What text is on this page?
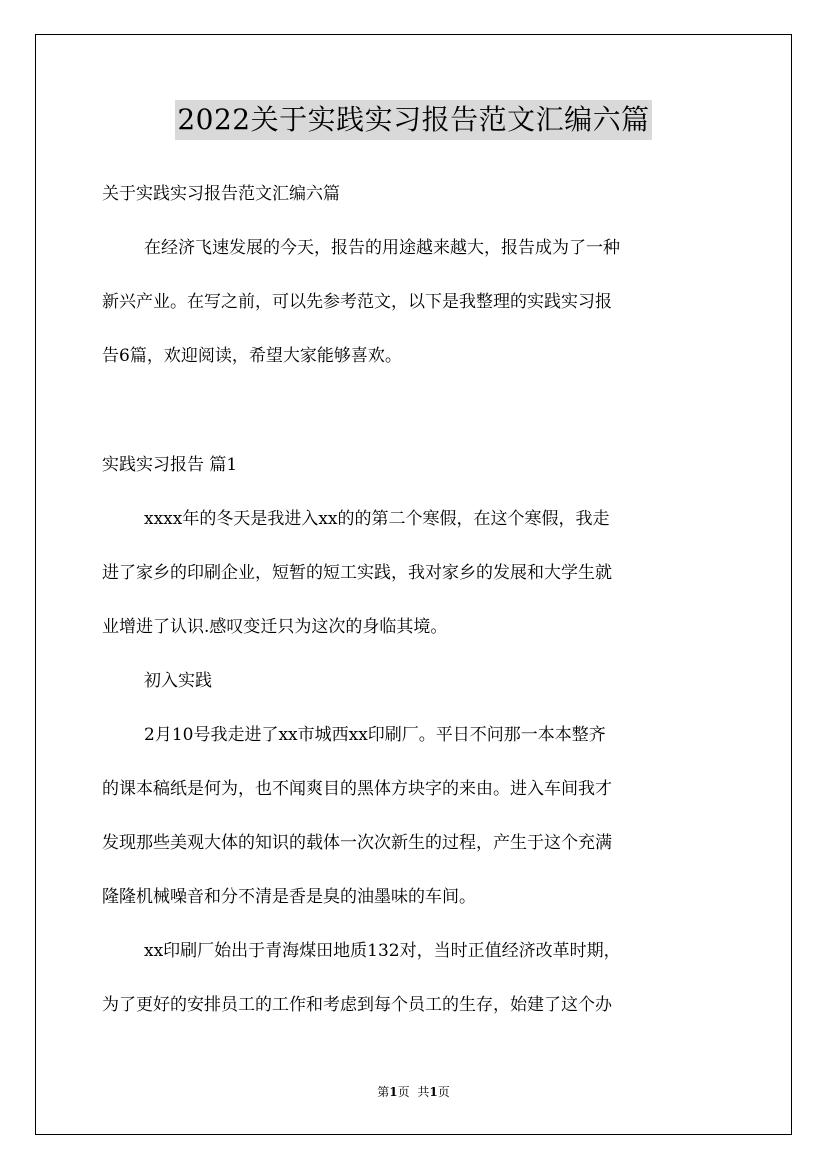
2022关于实践实习报告范文汇编六篇
关于实践实习报告范文汇编六篇
在经济飞速发展的今天，报告的用途越来越大，报告成为了一种
新兴产业。在写之前，可以先参考范文，以下是我整理的实践实习报
告6篇，欢迎阅读，希望大家能够喜欢。
实践实习报告 篇1
xxxx年的冬天是我进入xx的的第二个寒假，在这个寒假，我走
进了家乡的印刷企业，短暂的短工实践，我对家乡的发展和大学生就
业增进了认识.感叹变迁只为这次的身临其境。
初入实践
2月10号我走进了xx市城西xx印刷厂。平日不问那一本本整齐
的课本稿纸是何为，也不闻爽目的黑体方块字的来由。进入车间我才
发现那些美观大体的知识的载体一次次新生的过程，产生于这个充满
隆隆机械噪音和分不清是香是臭的油墨味的车间。
xx印刷厂始出于青海煤田地质132对，当时正值经济改革时期，
为了更好的安排员工的工作和考虑到每个员工的生存，始建了这个办
第1页 共1页
